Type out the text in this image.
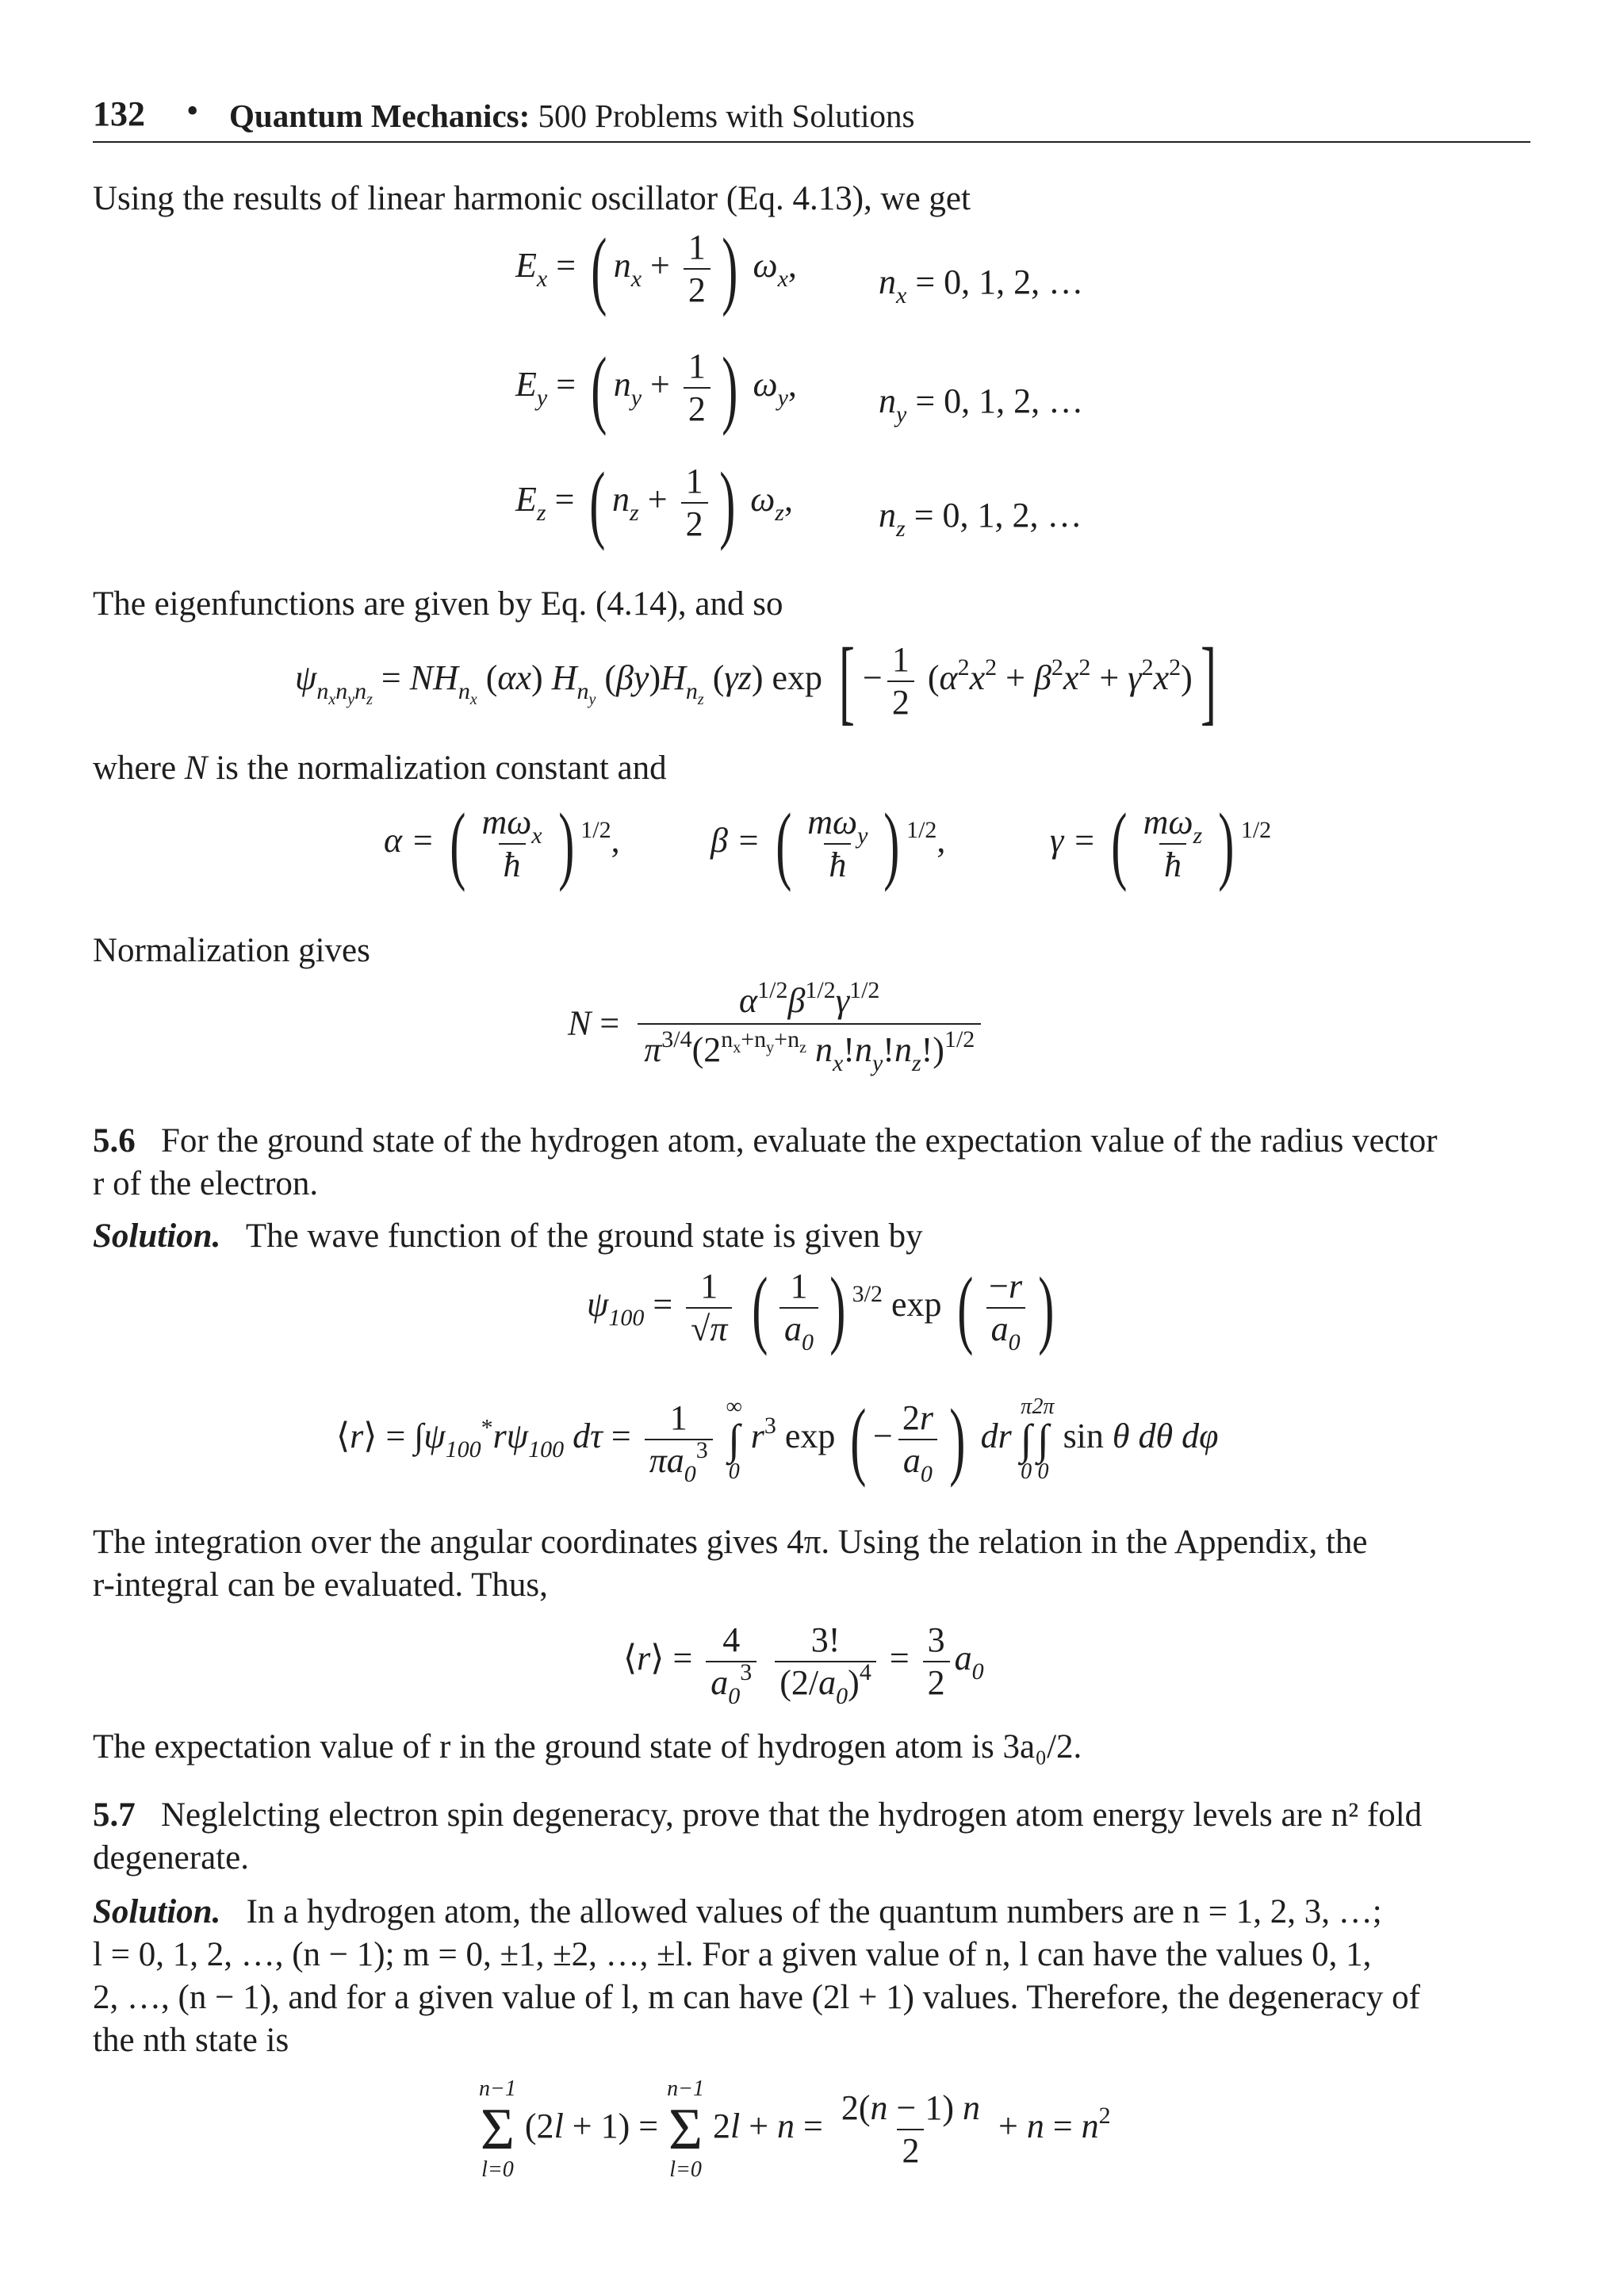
132 • Quantum Mechanics: 500 Problems with Solutions

Using the results of linear harmonic oscillator (Eq. 4.13), we get

$E_x$ = ( $n_x + \frac{1}{2}$ ) $\omega_x$, $n_x = 0$, 1, 2, …
$E_y$ = ( $n_y + \frac{1}{2}$ ) $\omega_y$, $n_y = 0$, 1, 2, …
$E_z$ = ( $n_z + \frac{1}{2}$ ) $\omega_z$, $n_z = 0$, 1, 2, …

The eigenfunctions are given by Eq. (4.14), and so

$\psi_{n_xn_yn_z} = NH_{n_x}$ (αx) $H_{n_y}$ $(\beta y)H_{n_z}$ (γz) exp [ − $\frac{1}{2} (\alpha^2x^2 + \beta^2x^2 + \gamma^2x^2)$]

where N is the normalization constant and

α = ( $\frac{m\omega_x}{ħ}$ ) $^{1/2}$,	β = ( $\frac{m\omega_y}{ħ}$ ) $^{1/2}$,	γ = ( $\frac{m\omega_z}{ħ}$ ) $^{1/2}$

Normalization gives

$N = \frac{\alpha^{1/2}\beta^{1/2}\gamma^{1/2}}{\pi^{3/4}(2^{n_x+n_y+n_z} n_x!n_y!n_z!)^{1/2}}$

5.6 For the ground state of the hydrogen atom, evaluate the expectation value of the radius vector

r of the electron.

Solution. The wave function of the ground state is given by

$\psi_{100} = \frac{1}{√\pi}$ ( $\frac{1}{a_0}$ ) $^{3/2}$ exp ( $\frac{-r}{a_0}$ )
⟨r⟩ = $\int\psi_{100}^*r\psi_{100}$ $d\tau = \frac{1}{\pi a_0^3}$
∞
∫
0
$r^3$ exp ( − $\frac{2r}{a_0}$ ) dr
π
∫
0
2π
∫
0
sin θ dθ dφ

The integration over the angular coordinates gives 4π. Using the relation in the Appendix, the

r-integral can be evaluated. Thus,

⟨r⟩ = $\frac{4}{a_0^3}$
$\frac{3!}{(2/a_0)^4} = \frac{3}{2} a_0$

The expectation value of r in the ground state of hydrogen atom is 3a₀/2.

5.7 Neglelcting electron spin degeneracy, prove that the hydrogen atom energy levels are n² fold

degenerate.

Solution. In a hydrogen atom, the allowed values of the quantum numbers are n = 1, 2, 3, …;

l = 0, 1, 2, …, (n − 1); m = 0, ±1, ±2, …, ±l. For a given value of n, l can have the values 0, 1,

2, …, (n − 1), and for a given value of l, m can have (2l + 1) values. Therefore, the degeneracy of

the nth state is

n−1
Σ
l=0
(2l + 1) =
n−1
Σ
l=0
$2l + n = \frac{2(n - 1) n}{2} + n = n^2$
